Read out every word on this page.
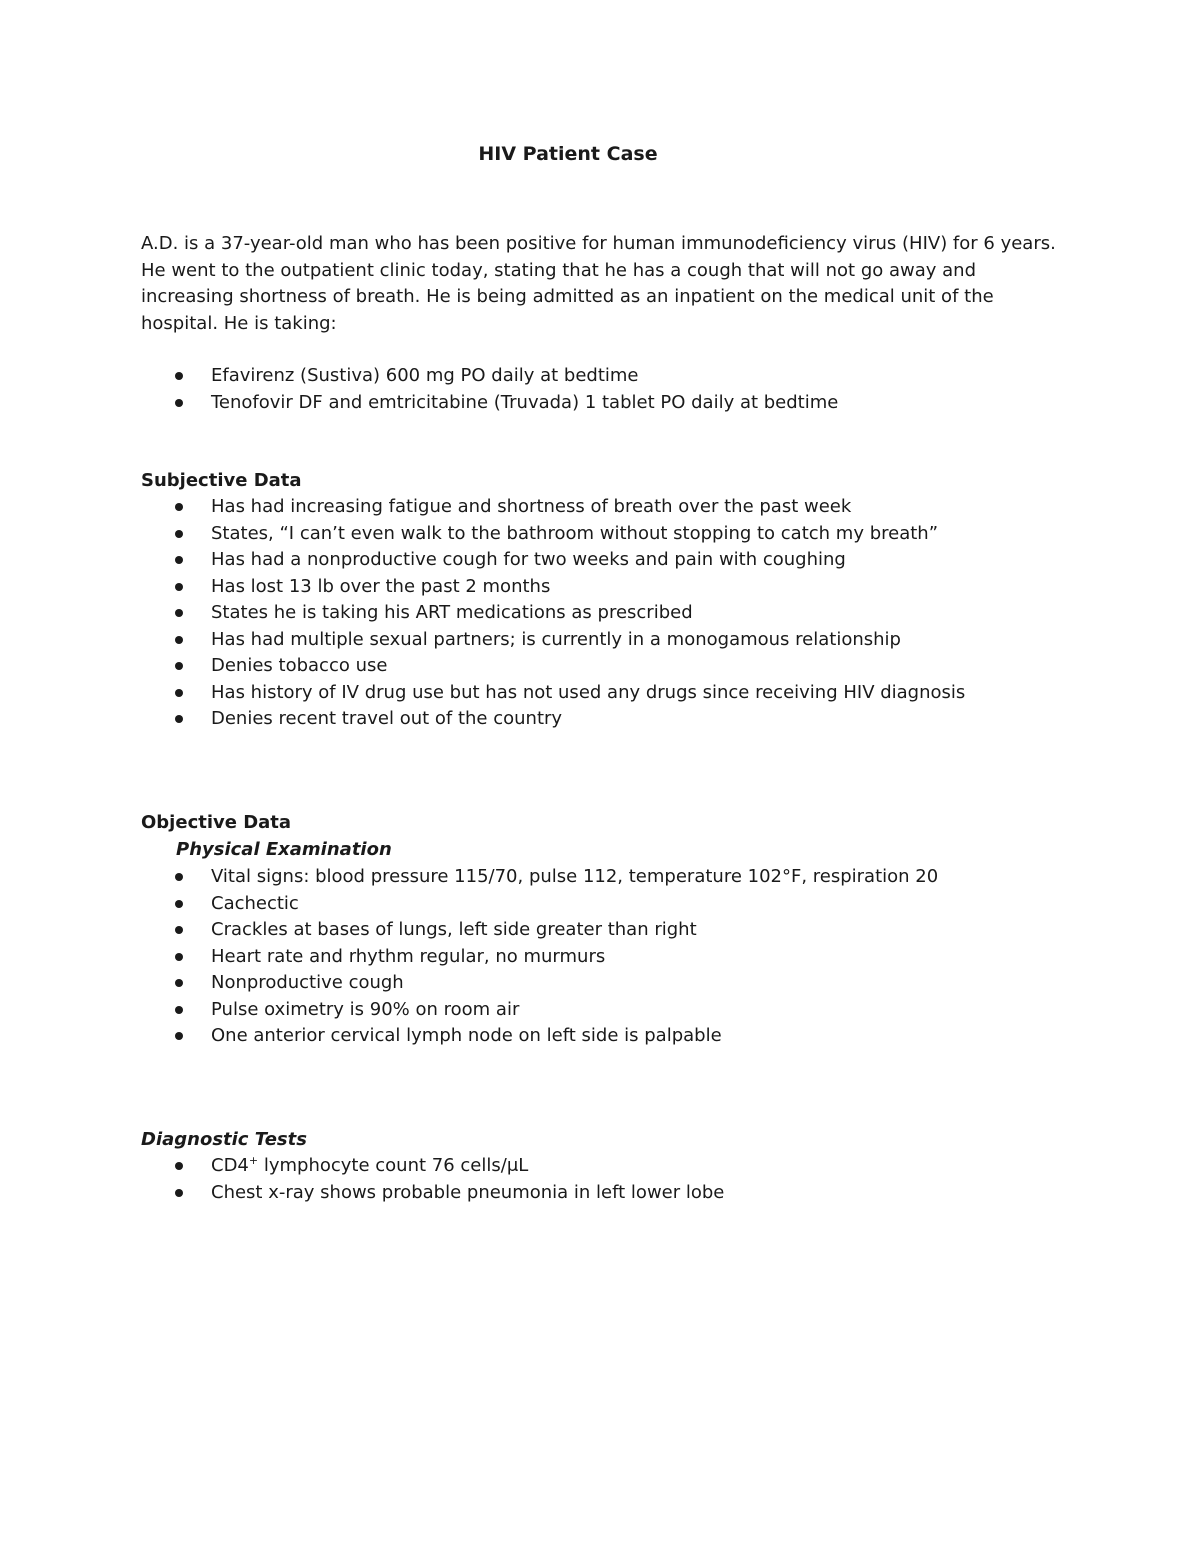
HIV Patient Case

A.D. is a 37-year-old man who has been positive for human immunodeficiency virus (HIV) for 6 years. He went to the outpatient clinic today, stating that he has a cough that will not go away and increasing shortness of breath. He is being admitted as an inpatient on the medical unit of the hospital. He is taking:

Efavirenz (Sustiva) 600 mg PO daily at bedtime
Tenofovir DF and emtricitabine (Truvada) 1 tablet PO daily at bedtime
Subjective Data
Has had increasing fatigue and shortness of breath over the past week
States, “I can’t even walk to the bathroom without stopping to catch my breath”
Has had a nonproductive cough for two weeks and pain with coughing
Has lost 13 lb over the past 2 months
States he is taking his ART medications as prescribed
Has had multiple sexual partners; is currently in a monogamous relationship
Denies tobacco use
Has history of IV drug use but has not used any drugs since receiving HIV diagnosis
Denies recent travel out of the country
Objective Data
Physical Examination
Vital signs: blood pressure 115/70, pulse 112, temperature 102°F, respiration 20
Cachectic
Crackles at bases of lungs, left side greater than right
Heart rate and rhythm regular, no murmurs
Nonproductive cough
Pulse oximetry is 90% on room air
One anterior cervical lymph node on left side is palpable
Diagnostic Tests
CD4+ lymphocyte count 76 cells/μL
Chest x-ray shows probable pneumonia in left lower lobe
